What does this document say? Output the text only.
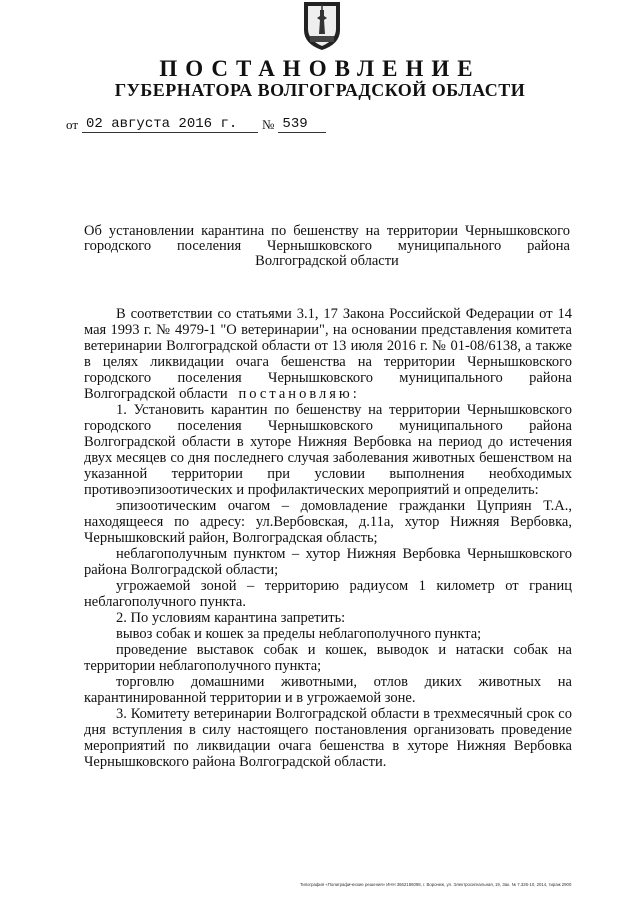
ПОСТАНОВЛЕНИЕ
ГУБЕРНАТОРА ВОЛГОГРАДСКОЙ ОБЛАСТИ
от 02 августа 2016 г.	№ 539
Об установлении карантина по бешенству на территории Чернышковского городского поселения Чернышковского муниципального района Волгоградской области

В соответствии со статьями 3.1, 17 Закона Российской Федерации от 14 мая 1993 г. № 4979-1 "О ветеринарии", на основании представления комитета ветеринарии Волгоградской области от 13 июля 2016 г. № 01-08/6138, а также в целях ликвидации очага бешенства на территории Чернышковского городского поселения Чернышковского муниципального района Волгоградской области постановляю:

1. Установить карантин по бешенству на территории Чернышковского городского поселения Чернышковского муниципального района Волгоградской области в хуторе Нижняя Вербовка на период до истечения двух месяцев со дня последнего случая заболевания животных бешенством на указанной территории при условии выполнения необходимых противоэпизоотических и профилактических мероприятий и определить:

эпизоотическим очагом – домовладение гражданки Цуприян Т.А., находящееся по адресу: ул.Вербовская, д.11а, хутор Нижняя Вербовка, Чернышковский район, Волгоградская область;

неблагополучным пунктом – хутор Нижняя Вербовка Чернышковского района Волгоградской области;

угрожаемой зоной – территорию радиусом 1 километр от границ неблагополучного пункта.

2. По условиям карантина запретить:

вывоз собак и кошек за пределы неблагополучного пункта;

проведение выставок собак и кошек, выводок и натаски собак на территории неблагополучного пункта;

торговлю домашними животными, отлов диких животных на карантинированной территории и в угрожаемой зоне.

3. Комитету ветеринарии Волгоградской области в трехмесячный срок со дня вступления в силу настоящего постановления организовать проведение мероприятий по ликвидации очага бешенства в хуторе Нижняя Вербовка Чернышковского района Волгоградской области.

Типография «Полиграфические решения» ИНН 3662186098, г. Воронеж, ул. Электросигнальная, 19, Зак. № 7.326-10, 2014, тираж 2900
